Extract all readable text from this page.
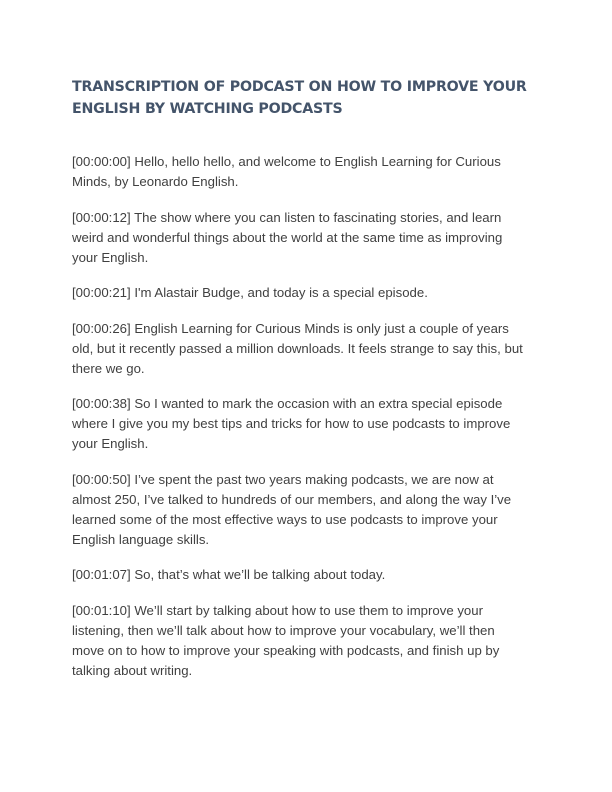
TRANSCRIPTION OF PODCAST ON HOW TO IMPROVE YOUR
ENGLISH BY WATCHING PODCASTS

[00:00:00] Hello, hello hello, and welcome to English Learning for Curious
Minds, by Leonardo English.

[00:00:12] The show where you can listen to fascinating stories, and learn
weird and wonderful things about the world at the same time as improving
your English.

[00:00:21] I'm Alastair Budge, and today is a special episode.

[00:00:26] English Learning for Curious Minds is only just a couple of years
old, but it recently passed a million downloads. It feels strange to say this, but
there we go.

[00:00:38] So I wanted to mark the occasion with an extra special episode
where I give you my best tips and tricks for how to use podcasts to improve
your English.

[00:00:50] I’ve spent the past two years making podcasts, we are now at
almost 250, I’ve talked to hundreds of our members, and along the way I’ve
learned some of the most effective ways to use podcasts to improve your
English language skills.

[00:01:07] So, that’s what we’ll be talking about today.

[00:01:10] We’ll start by talking about how to use them to improve your
listening, then we’ll talk about how to improve your vocabulary, we’ll then
move on to how to improve your speaking with podcasts, and finish up by
talking about writing.
